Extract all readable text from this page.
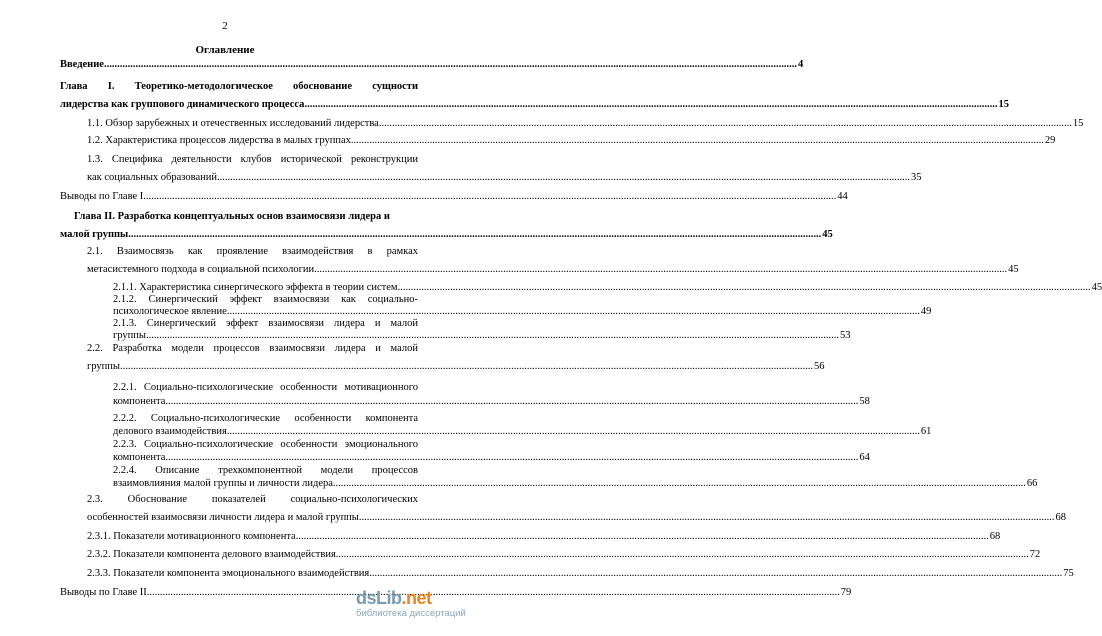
2
Оглавление
Введение .....	4
Глава I. Теоретико-методологическое обоснование сущности
лидерства как группового динамического процесса .....	15
1.1. Обзор зарубежных и отечественных исследований лидерства .....	15
1.2. Характеристика процессов лидерства в малых группах .....	29
1.3. Специфика деятельности клубов исторической реконструкции
как социальных образований .....	35
Выводы по Главе I .....	44
Глава II. Разработка концептуальных основ взаимосвязи лидера и
малой группы .....	45
2.1. Взаимосвязь как проявление взаимодействия в рамках
метасистемного подхода в социальной психологии .....	45
2.1.1. Характеристика синергического эффекта в теории систем .....	45
2.1.2. Синергический эффект взаимосвязи как социально-
психологическое явление .....	49
2.1.3. Синергический эффект взаимосвязи лидера и малой
группы .....	53
2.2. Разработка модели процессов взаимосвязи лидера и малой
группы .....	56
2.2.1. Социально-психологические особенности мотивационного
компонента .....	58
2.2.2. Социально-психологические особенности компонента
делового взаимодействия .....	61
2.2.3. Социально-психологические особенности эмоционального
компонента .....	64
2.2.4. Описание трехкомпонентной модели процессов
взаимовлияния малой группы и личности лидера .....	66
2.3. Обоснование показателей социально-психологических
особенностей взаимосвязи личности лидера и малой группы. .....	68
2.3.1. Показатели мотивационного компонента .....	68
2.3.2. Показатели компонента делового взаимодействия .....	72
2.3.3. Показатели компонента эмоционального взаимодействия .....	75
Выводы по Главе II .....	79
dsLib.net
библиотека диссертаций
